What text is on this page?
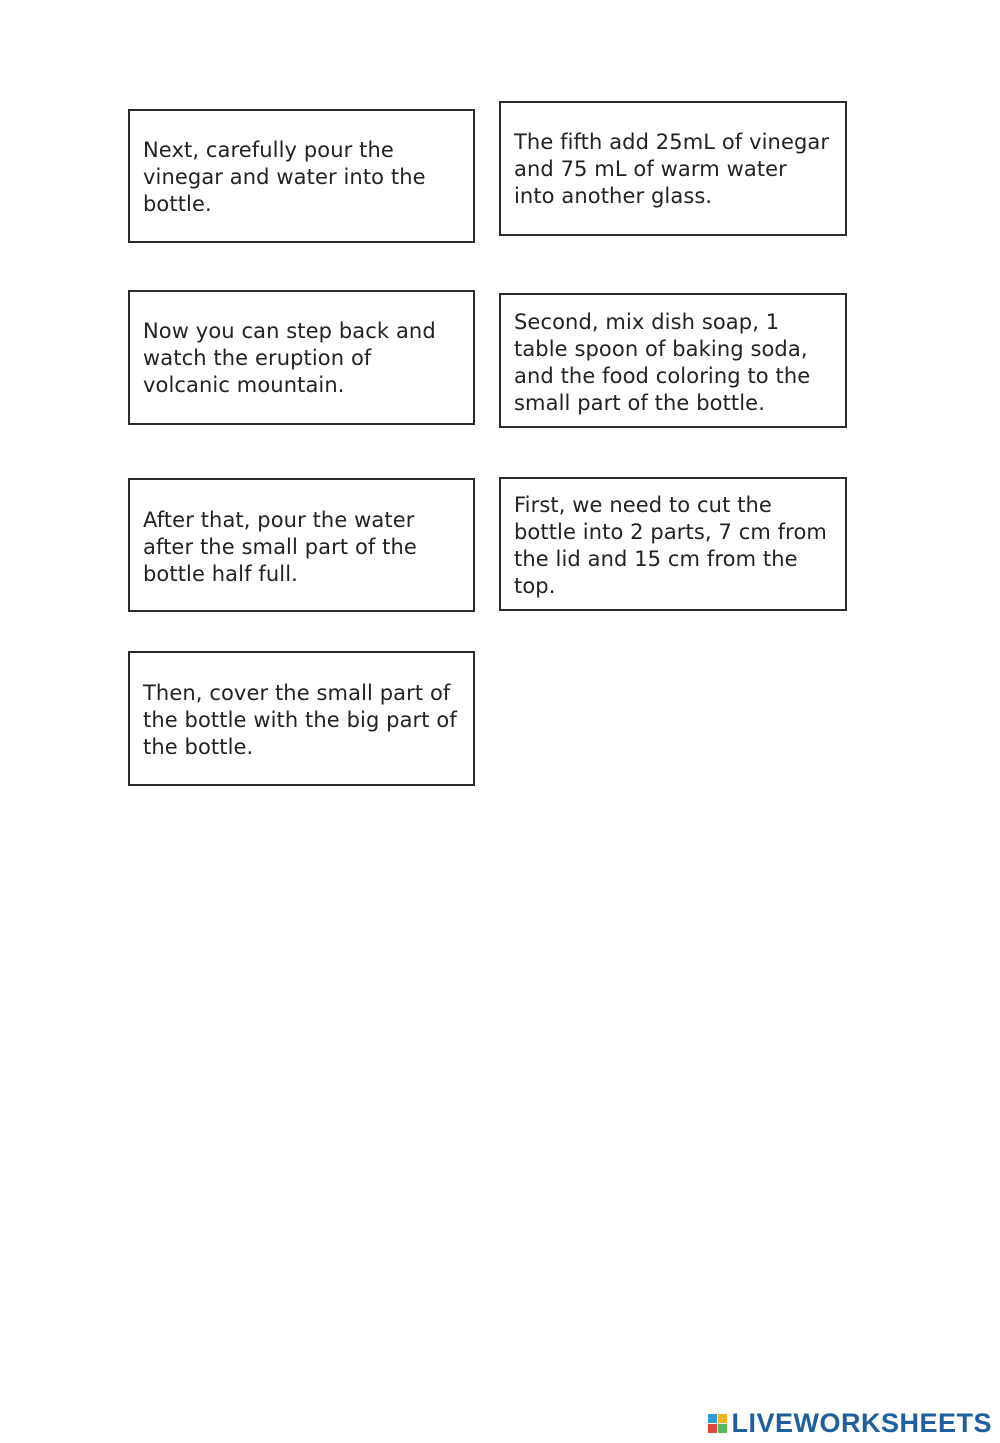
Next, carefully pour the vinegar and water into the bottle.
The fifth add 25mL of vinegar and 75 mL of warm water into another glass.
Now you can step back and watch the eruption of volcanic mountain.
Second, mix dish soap, 1 table spoon of baking soda, and the food coloring to the small part of the bottle.
After that, pour the water after the small part of the bottle half full.
First, we need to cut the bottle into 2 parts, 7 cm from the lid and 15 cm from the top.
Then, cover the small part of the bottle with the big part of the bottle.
LIVEWORKSHEETS
